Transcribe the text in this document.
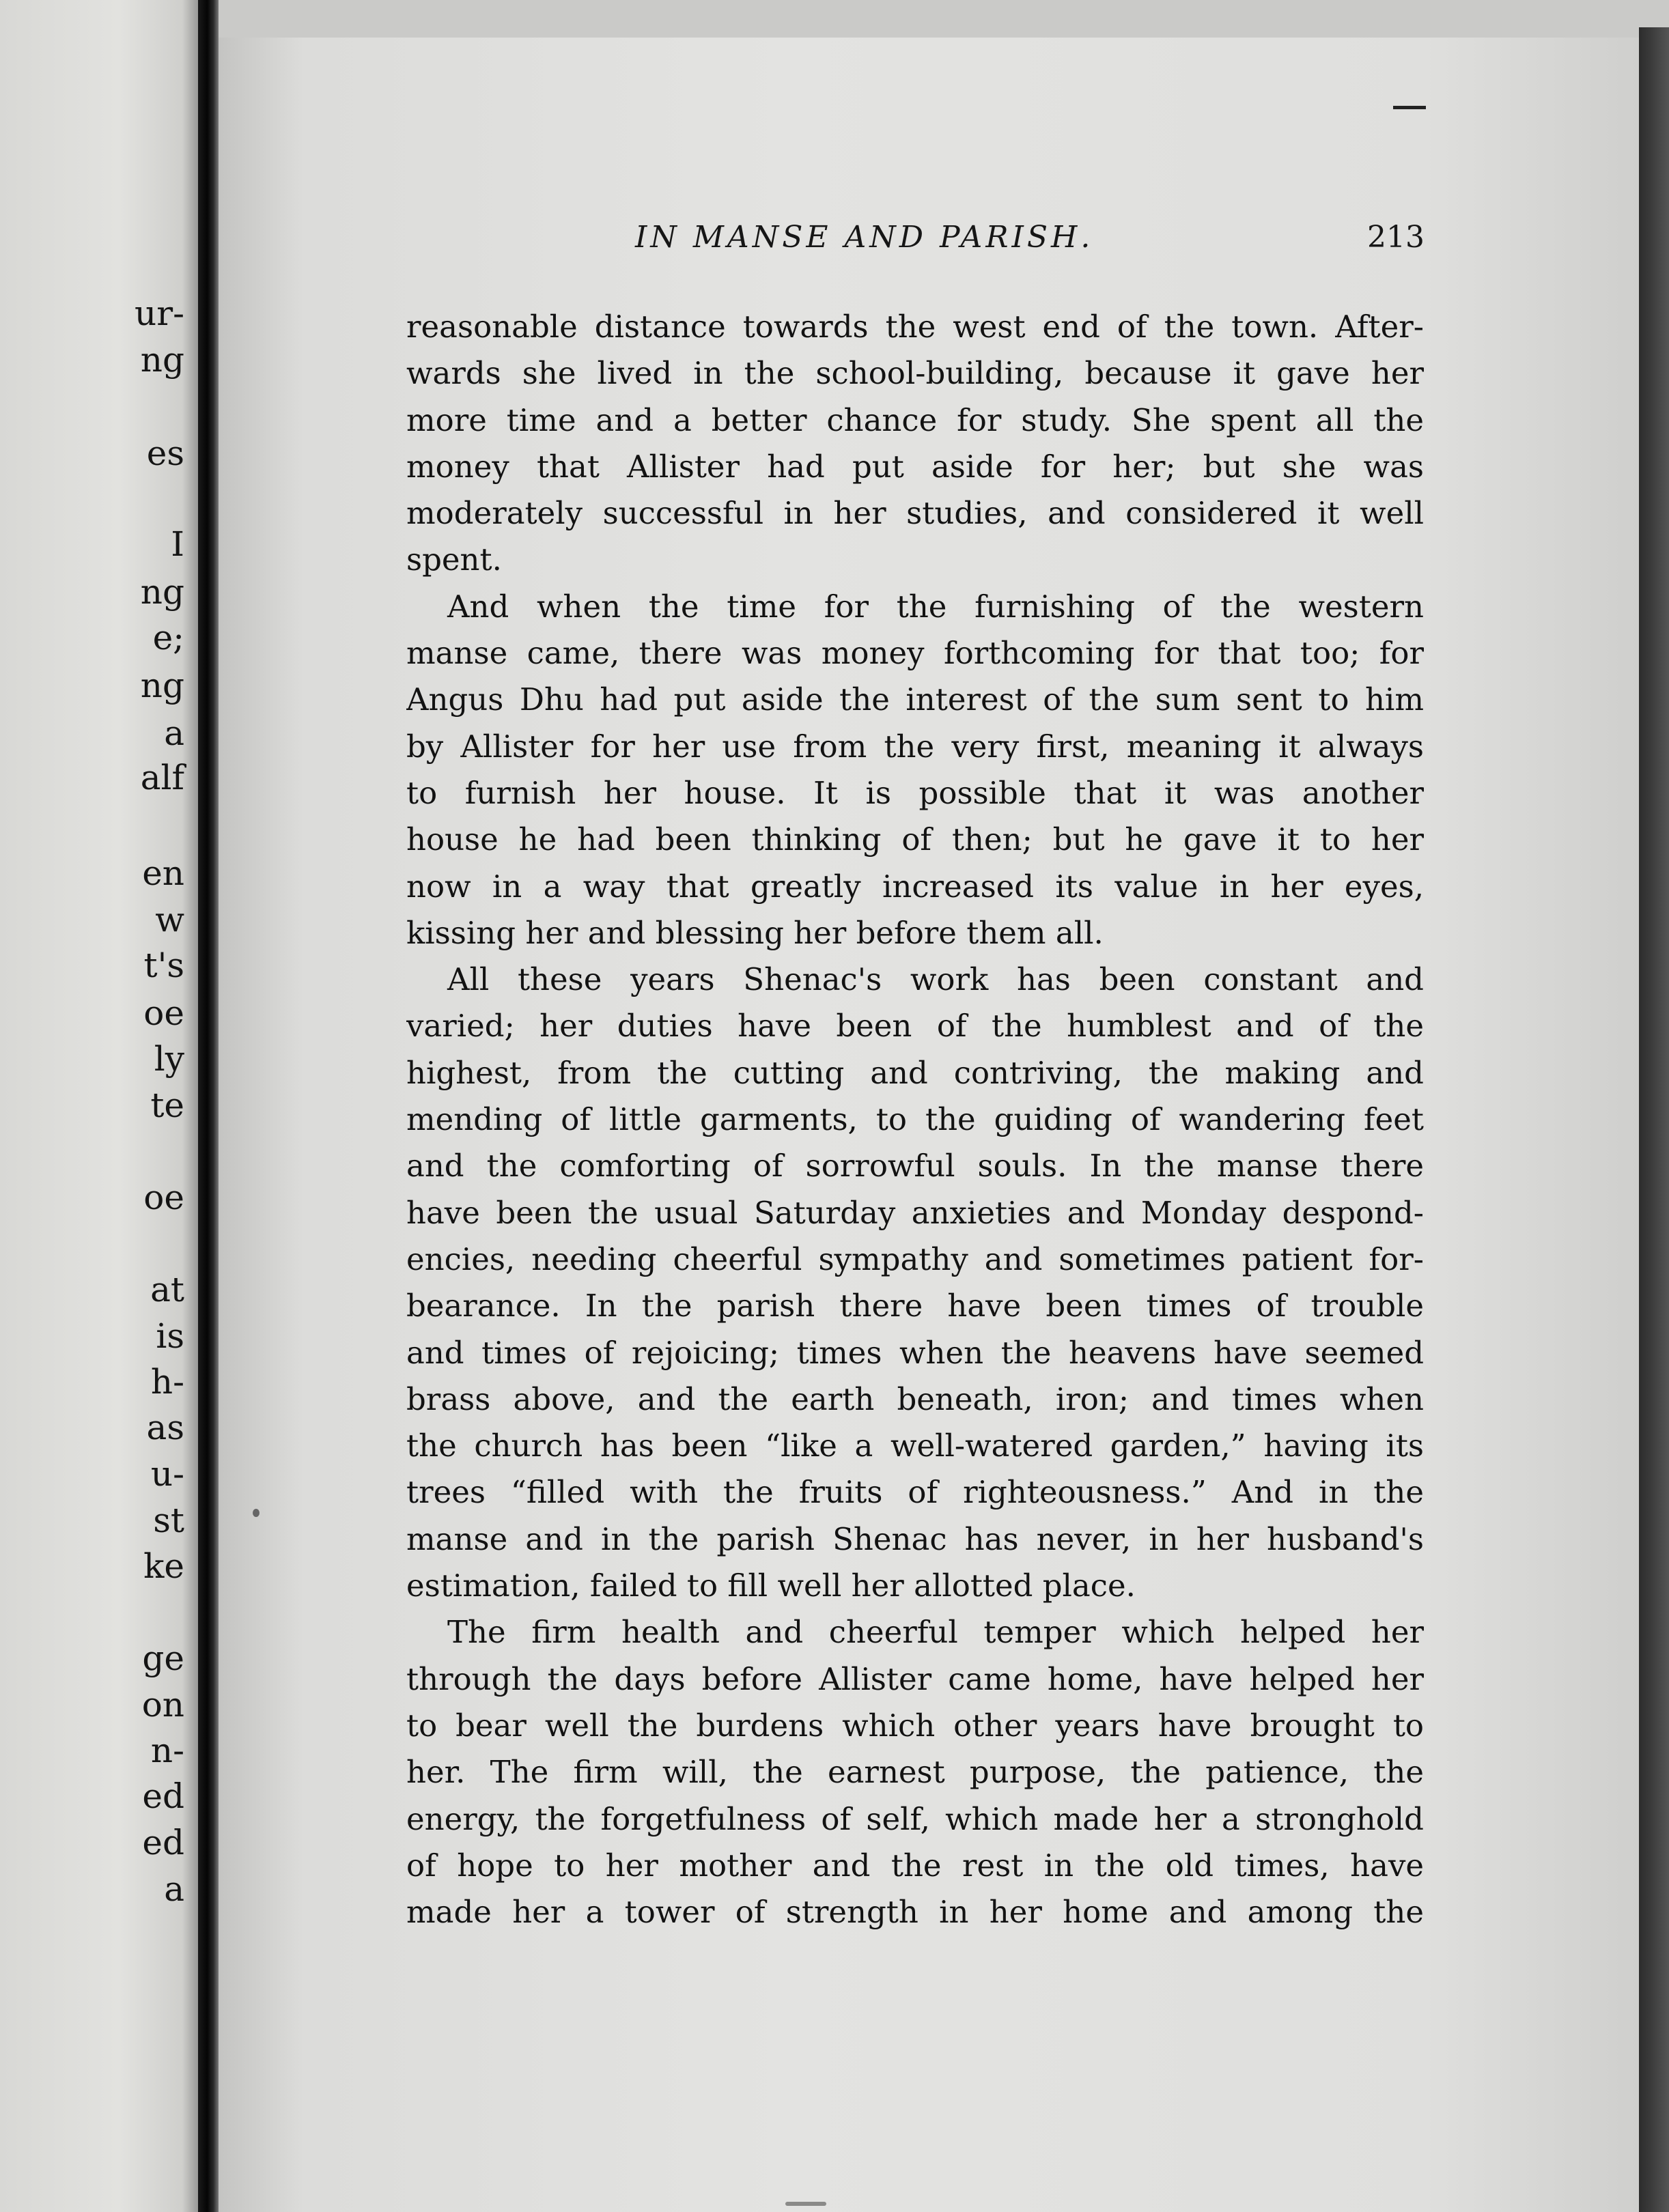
ur-
ng
es
I
ng
e;
ng
a
alf
en
w
t's
oe
ly
te
oe
at
is
h-
as
u-
st
ke
ge
on
n-
ed
ed
a
IN MANSE AND PARISH.	213
reasonable distance towards the west end of the town. After-
wards she lived in the school-building, because it gave her
more time and a better chance for study. She spent all the
money that Allister had put aside for her; but she was
moderately successful in her studies, and considered it well
spent.
And when the time for the furnishing of the western
manse came, there was money forthcoming for that too; for
Angus Dhu had put aside the interest of the sum sent to him
by Allister for her use from the very first, meaning it always
to furnish her house. It is possible that it was another
house he had been thinking of then; but he gave it to her
now in a way that greatly increased its value in her eyes,
kissing her and blessing her before them all.
All these years Shenac's work has been constant and
varied; her duties have been of the humblest and of the
highest, from the cutting and contriving, the making and
mending of little garments, to the guiding of wandering feet
and the comforting of sorrowful souls. In the manse there
have been the usual Saturday anxieties and Monday despond-
encies, needing cheerful sympathy and sometimes patient for-
bearance. In the parish there have been times of trouble
and times of rejoicing; times when the heavens have seemed
brass above, and the earth beneath, iron; and times when
the church has been “like a well-watered garden,” having its
trees “filled with the fruits of righteousness.” And in the
manse and in the parish Shenac has never, in her husband's
estimation, failed to fill well her allotted place.
The firm health and cheerful temper which helped her
through the days before Allister came home, have helped her
to bear well the burdens which other years have brought to
her. The firm will, the earnest purpose, the patience, the
energy, the forgetfulness of self, which made her a stronghold
of hope to her mother and the rest in the old times, have
made her a tower of strength in her home and among the
